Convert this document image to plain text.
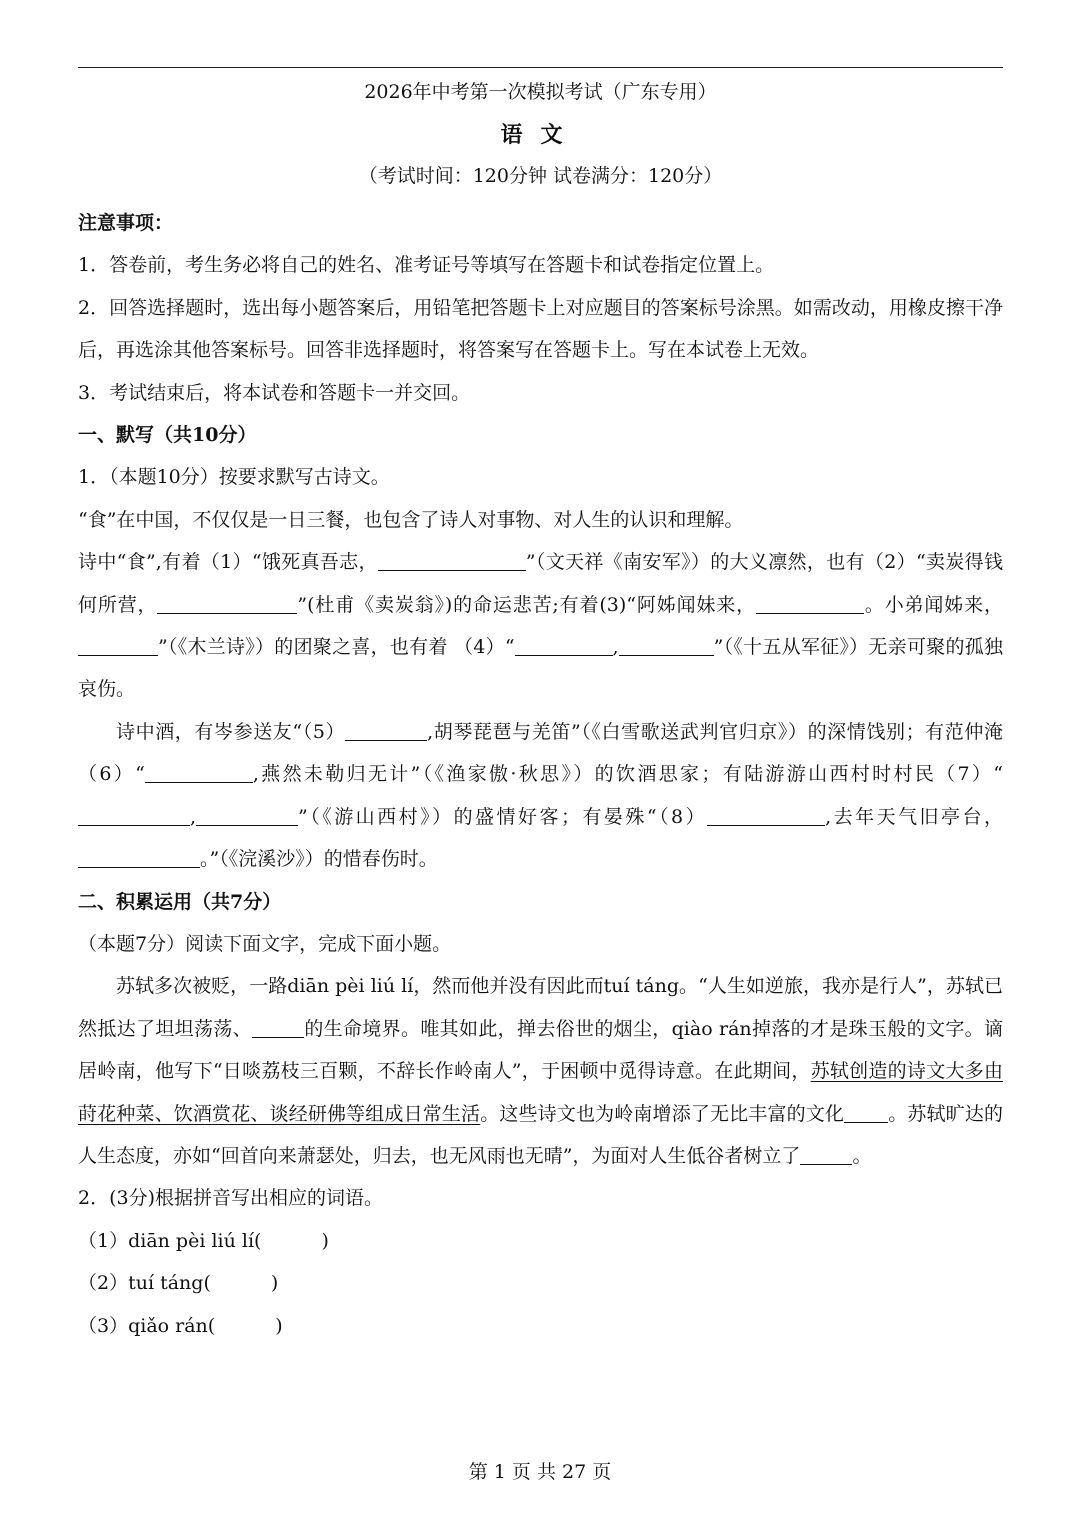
2026年中考第一次模拟考试（广东专用）
语文
（考试时间：120分钟 试卷满分：120分）

注意事项：

1．答卷前，考生务必将自己的姓名、准考证号等填写在答题卡和试卷指定位置上。

2．回答选择题时，选出每小题答案后，用铅笔把答题卡上对应题目的答案标号涂黑。如需改动，用橡皮擦干净后，再选涂其他答案标号。回答非选择题时，将答案写在答题卡上。写在本试卷上无效。

3．考试结束后，将本试卷和答题卡一并交回。

一、默写（共10分）

1．（本题10分）按要求默写古诗文。

“食”在中国，不仅仅是一日三餐，也包含了诗人对事物、对人生的认识和理解。

诗中“食”,有着（1）“饿死真吾志，	”（文天祥《南安军》）的大义凛然，也有（2）“卖炭得钱何所营，	”(杜甫《卖炭翁》)的命运悲苦;有着(3)“阿姊闻妹来，	。小弟闻姊来，”（《木兰诗》）的团聚之喜，也有着 （4）“	,	”（《十五从军征》）无亲可聚的孤独哀伤。

诗中酒，有岑参送友“（5）	,胡琴琵琶与羌笛”（《白雪歌送武判官归京》）的深情饯别；有范仲淹（6）“	,燕然未勒归无计”（《渔家傲·秋思》）的饮酒思家；有陆游游山西村时村民（7）“,	”（《游山西村》）的盛情好客；有晏殊“（8）	,去年天气旧亭台，。”（《浣溪沙》）的惜春伤时。

二、积累运用（共7分）

（本题7分）阅读下面文字，完成下面小题。

苏轼多次被贬，一路diān pèi liú lí，然而他并没有因此而tuí táng。“人生如逆旅，我亦是行人”，苏轼已然抵达了坦坦荡荡、	的生命境界。唯其如此，掸去俗世的烟尘，qiào rán掉落的才是珠玉般的文字。谪居岭南，他写下“日啖荔枝三百颗，不辞长作岭南人”，于困顿中觅得诗意。在此期间，苏轼创造的诗文大多由莳花种菜、饮酒赏花、谈经研佛等组成日常生活。这些诗文也为岭南增添了无比丰富的文化 。苏轼旷达的人生态度，亦如“回首向来萧瑟处，归去，也无风雨也无晴”，为面对人生低谷者树立了	。

2．(3分)根据拼音写出相应的词语。

（1）diān pèi liú lí(	)

（2）tuí táng(	)

（3）qiǎo rán(	)

第 1 页 共 27 页
